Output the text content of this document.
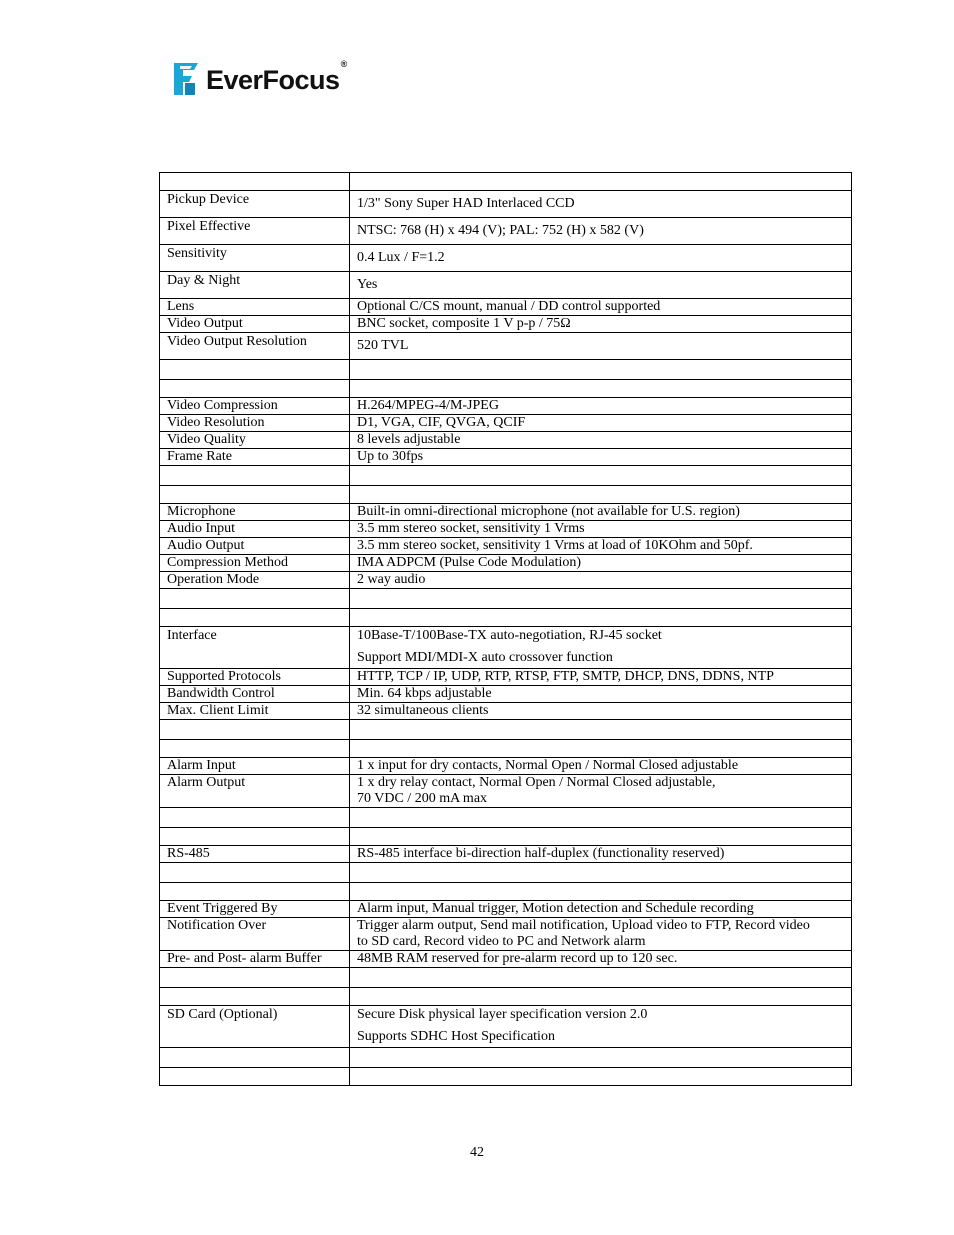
EverFocus®

Pickup Device	1/3" Sony Super HAD Interlaced CCD

Pixel Effective	NTSC: 768 (H) x 494 (V); PAL: 752 (H) x 582 (V)

Sensitivity	0.4 Lux / F=1.2

Day & Night	Yes

Lens	Optional C/CS mount, manual / DD control supported

Video Output	BNC socket, composite 1 V p-p / 75Ω

Video Output Resolution	520 TVL

Video Compression	H.264/MPEG-4/M-JPEG

Video Resolution	D1, VGA, CIF, QVGA, QCIF

Video Quality	8 levels adjustable

Frame Rate	Up to 30fps

Microphone	Built-in omni-directional microphone (not available for U.S. region)

Audio Input	3.5 mm stereo socket, sensitivity 1 Vrms

Audio Output	3.5 mm stereo socket, sensitivity 1 Vrms at load of 10KOhm and 50pf.

Compression Method	IMA ADPCM (Pulse Code Modulation)

Operation Mode	2 way audio

Interface	10Base-T/100Base-TX auto-negotiation, RJ-45 socket
Support MDI/MDI-X auto crossover function

Supported Protocols	HTTP, TCP / IP, UDP, RTP, RTSP, FTP, SMTP, DHCP, DNS, DDNS, NTP

Bandwidth Control	Min. 64 kbps adjustable

Max. Client Limit	32 simultaneous clients

Alarm Input	1 x input for dry contacts, Normal Open / Normal Closed adjustable

Alarm Output	1 x dry relay contact, Normal Open / Normal Closed adjustable,
70 VDC / 200 mA max

RS-485	RS-485 interface bi-direction half-duplex (functionality reserved)

Event Triggered By	Alarm input, Manual trigger, Motion detection and Schedule recording

Notification Over	Trigger alarm output, Send mail notification, Upload video to FTP, Record video
to SD card, Record video to PC and Network alarm

Pre- and Post- alarm Buffer	48MB RAM reserved for pre-alarm record up to 120 sec.

SD Card (Optional)	Secure Disk physical layer specification version 2.0
Supports SDHC Host Specification

42
